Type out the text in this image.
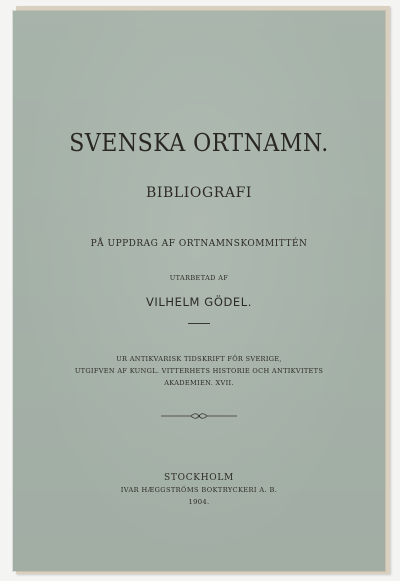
SVENSKA ORTNAMN.
BIBLIOGRAFI
PÅ UPPDRAG AF ORTNAMNSKOMMITTÉN
UTARBETAD AF
VILHELM GÖDEL.
UR ANTIKVARISK TIDSKRIFT FÖR SVERIGE,
UTGIFVEN AF KUNGL. VITTERHETS HISTORIE OCH ANTIKVITETS
AKADEMIEN. XVII.
STOCKHOLM
IVAR HÆGGSTRÖMS BOKTRYCKERI A. B.
1904.
